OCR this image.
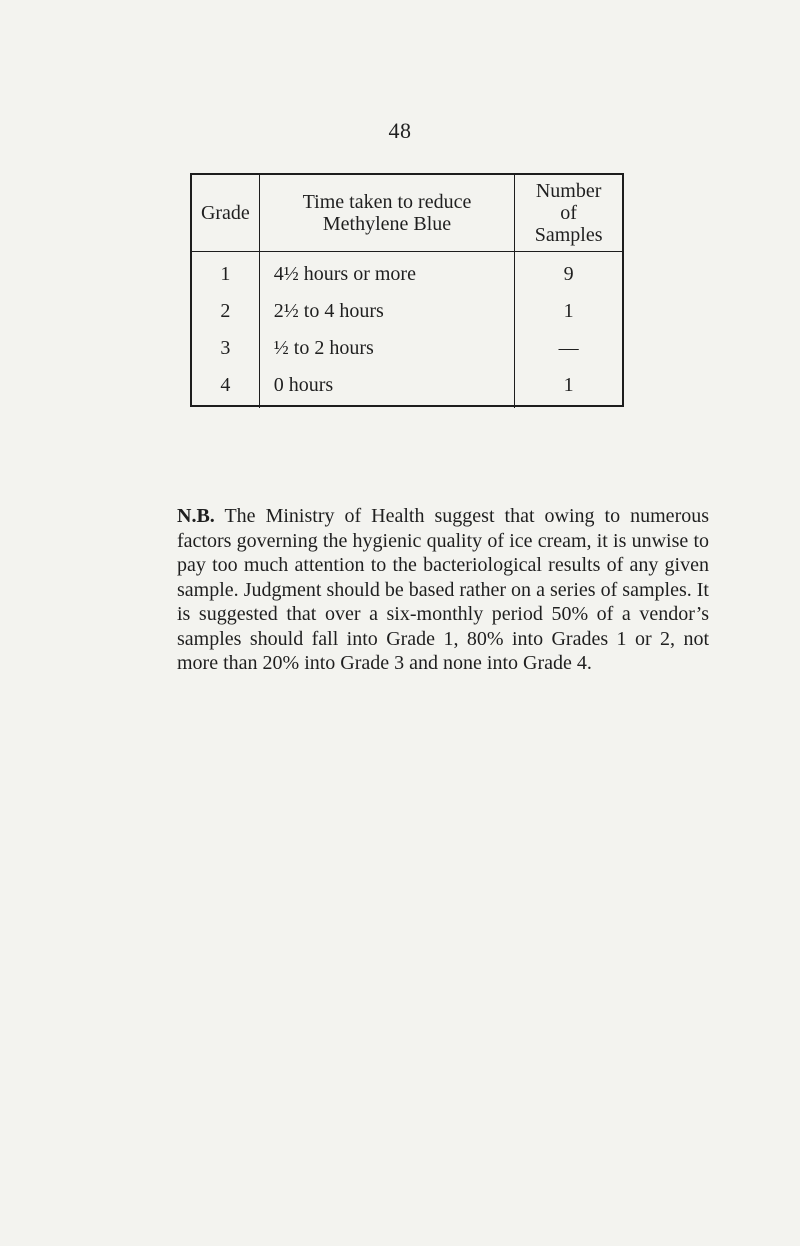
48
Grade	Time taken to reduce Methylene Blue	Number of Samples

1	4½ hours or more	9
2	2½ to 4 hours	1
3	½ to 2 hours	—
4	0 hours	1

N.B. The Ministry of Health suggest that owing to numerous factors governing the hygienic quality of ice cream, it is unwise to pay too much attention to the bacteriological results of any given sample. Judgment should be based rather on a series of samples. It is suggested that over a six-monthly period 50% of a vendor’s samples should fall into Grade 1, 80% into Grades 1 or 2, not more than 20% into Grade 3 and none into Grade 4.
